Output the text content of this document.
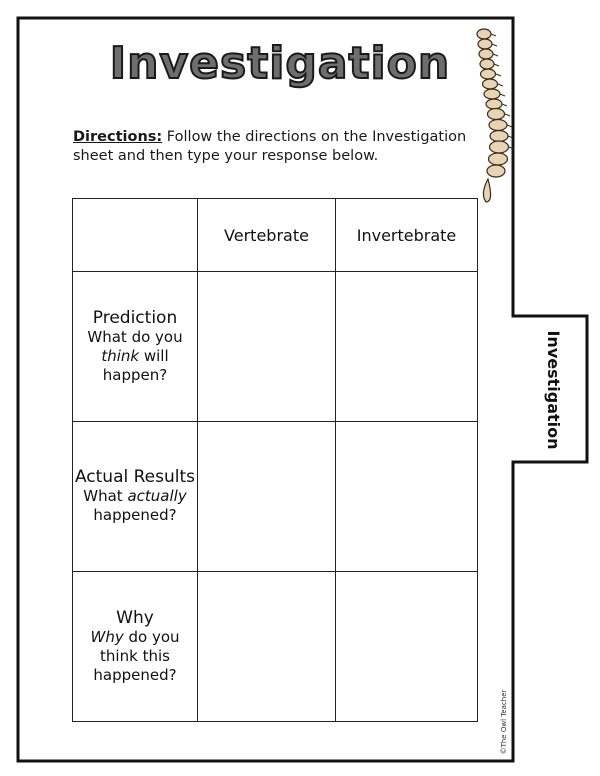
Investigation
Directions: Follow the directions on the Investigation sheet and then type your response below.
	Vertebrate	Invertebrate

Prediction
What do you think will happen?		

Actual Results
What actually happened?		

Why
Why do you think this happened?		

Investigation
©The Owl Teacher
